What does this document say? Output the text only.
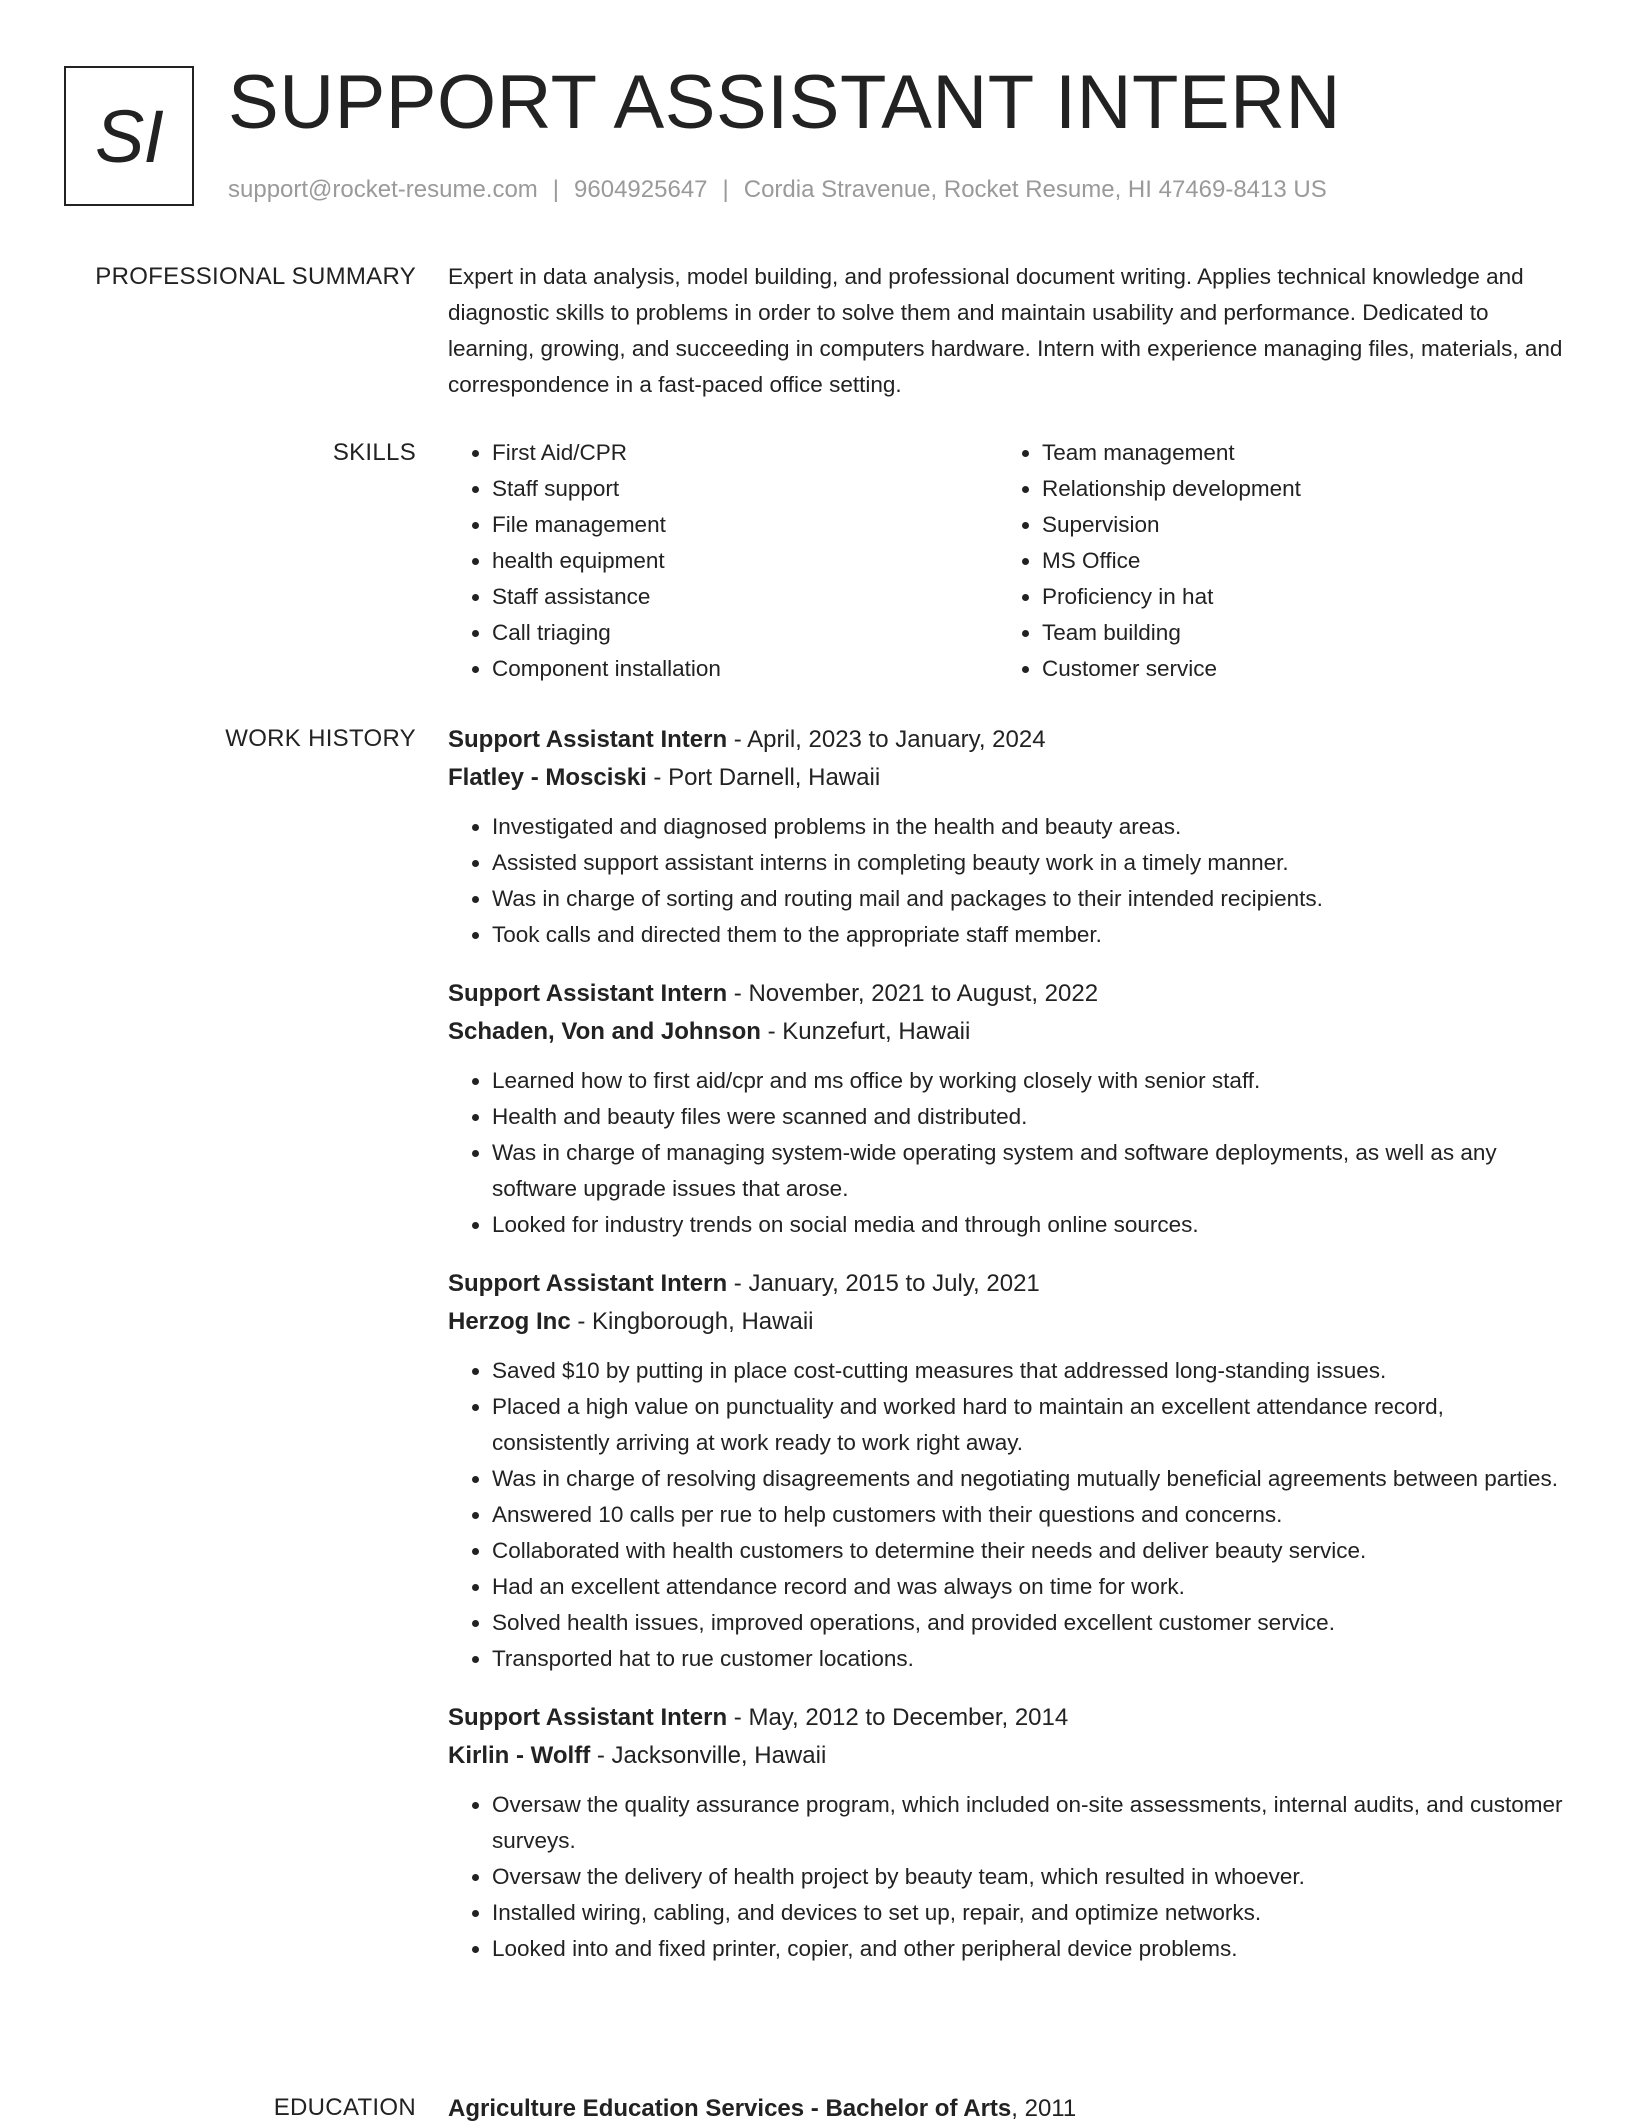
SI SUPPORT ASSISTANT INTERN
support@rocket-resume.com | 9604925647 | Cordia Stravenue, Rocket Resume, HI 47469-8413 US
PROFESSIONAL SUMMARY Expert in data analysis, model building, and professional document writing. Applies technical knowledge and diagnostic skills to problems in order to solve them and maintain usability and performance. Dedicated to learning, growing, and succeeding in computers hardware. Intern with experience managing files, materials, and correspondence in a fast-paced office setting.

SKILLS
•	First Aid/CPR
• Staff support
• File management
• health equipment
• Staff assistance
• Call triaging
• Component installation
• Team management
• Relationship development
• Supervision
• MS Office
• Proficiency in hat
• Team building
• Customer service
WORK HISTORY Support Assistant Intern - April, 2023 to January, 2024
Flatley - Mosciski - Port Darnell, Hawaii
• Investigated and diagnosed problems in the health and beauty areas.
• Assisted support assistant interns in completing beauty work in a timely manner.
• Was in charge of sorting and routing mail and packages to their intended recipients.
• Took calls and directed them to the appropriate staff member.
Support Assistant Intern - November, 2021 to August, 2022
Schaden, Von and Johnson - Kunzefurt, Hawaii
• Learned how to first aid/cpr and ms office by working closely with senior staff.
• Health and beauty files were scanned and distributed.
• Was in charge of managing system-wide operating system and software deployments, as well as any software upgrade issues that arose.
• Looked for industry trends on social media and through online sources.
Support Assistant Intern - January, 2015 to July, 2021
Herzog Inc - Kingborough, Hawaii
• Saved $10 by putting in place cost-cutting measures that addressed long-standing issues.
• Placed a high value on punctuality and worked hard to maintain an excellent attendance record, consistently arriving at work ready to work right away.
• Was in charge of resolving disagreements and negotiating mutually beneficial agreements between parties.
• Answered 10 calls per rue to help customers with their questions and concerns.
• Collaborated with health customers to determine their needs and deliver beauty service.
• Had an excellent attendance record and was always on time for work.
• Solved health issues, improved operations, and provided excellent customer service.
• Transported hat to rue customer locations.
Support Assistant Intern - May, 2012 to December, 2014
Kirlin - Wolff - Jacksonville, Hawaii
• Oversaw the quality assurance program, which included on-site assessments, internal audits, and customer surveys.
• Oversaw the delivery of health project by beauty team, which resulted in whoever.
• Installed wiring, cabling, and devices to set up, repair, and optimize networks.
• Looked into and fixed printer, copier, and other peripheral device problems.
EDUCATION Agriculture Education Services - Bachelor of Arts, 2011
